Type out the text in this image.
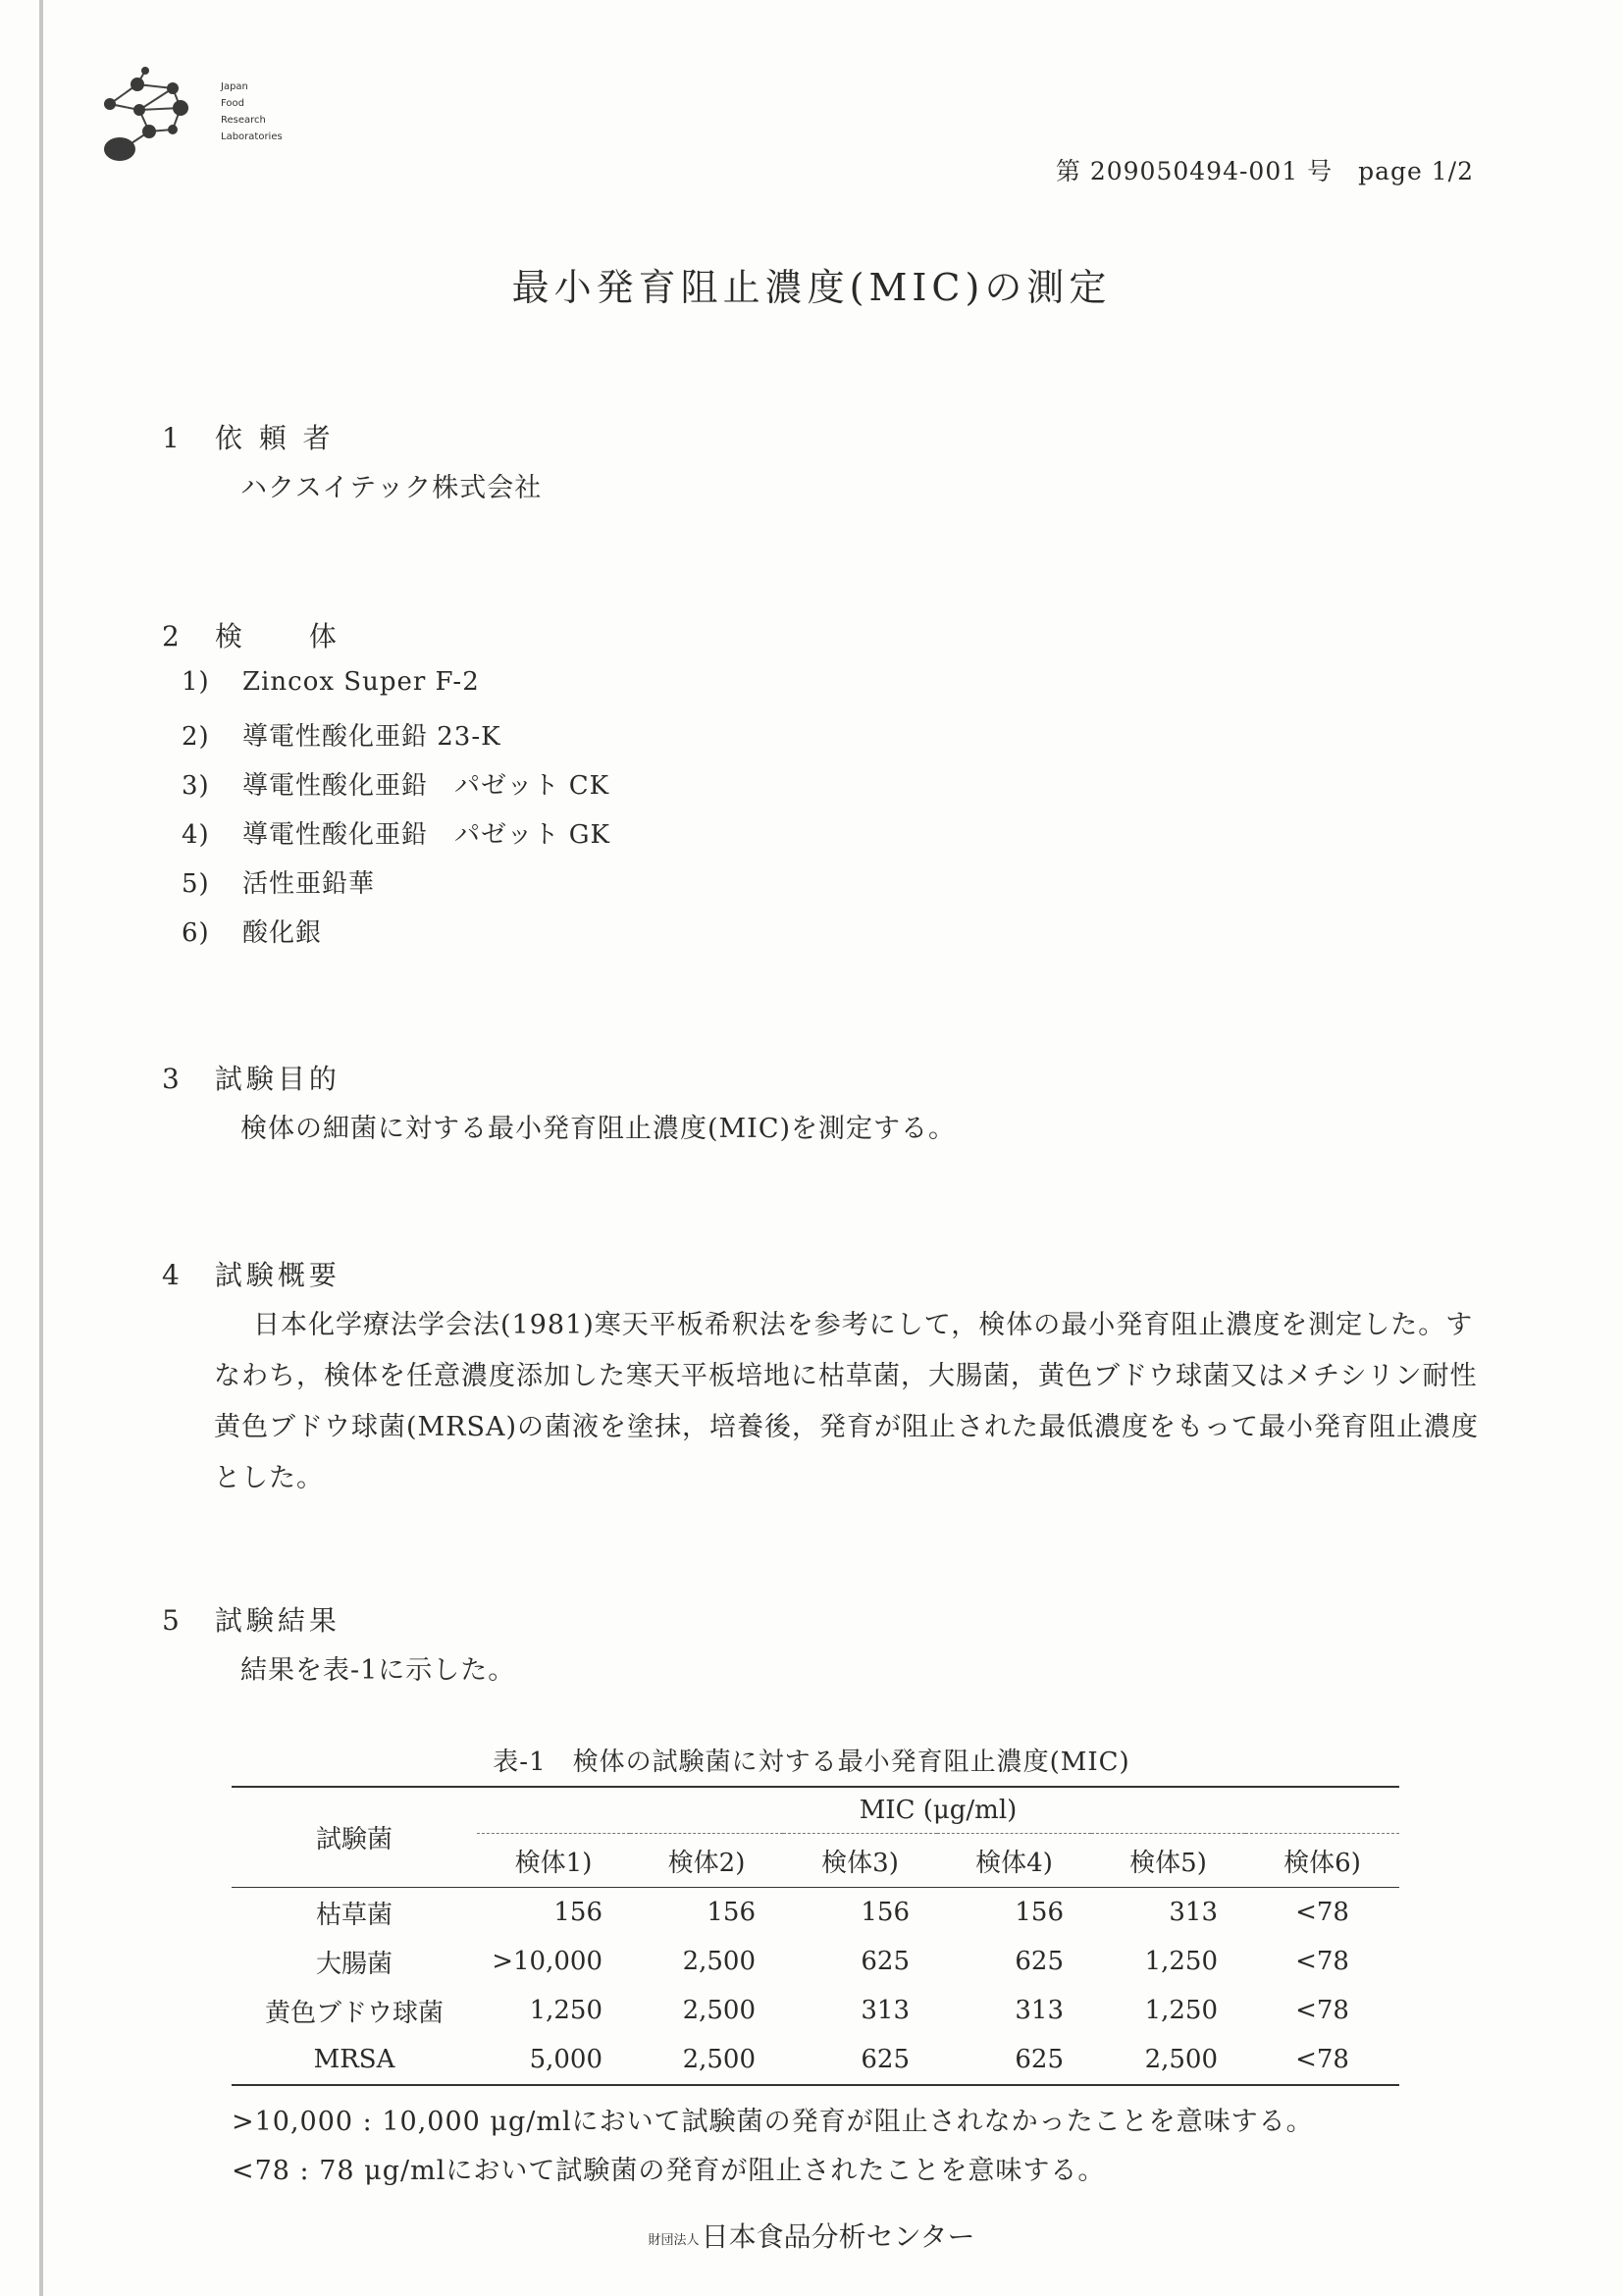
Japan
Food
Research
Laboratories
第 209050494-001 号　page 1/2
最小発育阻止濃度(MIC)の測定
1　依 頼 者
ハクスイテック株式会社
2　検　　体
1) Zincox Super F-2
2) 導電性酸化亜鉛 23-K
3) 導電性酸化亜鉛　パゼット CK
4) 導電性酸化亜鉛　パゼット GK
5) 活性亜鉛華
6) 酸化銀
3　試験目的
検体の細菌に対する最小発育阻止濃度(MIC)を測定する。
4　試験概要
日本化学療法学会法(1981)寒天平板希釈法を参考にして，検体の最小発育阻止濃度を測定した。すなわち，検体を任意濃度添加した寒天平板培地に枯草菌，大腸菌，黄色ブドウ球菌又はメチシリン耐性黄色ブドウ球菌(MRSA)の菌液を塗抹，培養後，発育が阻止された最低濃度をもって最小発育阻止濃度とした。
5　試験結果
結果を表-1に示した。
表-1　検体の試験菌に対する最小発育阻止濃度(MIC)
試験菌	MIC (μg/ml)					
	検体1)	検体2)	検体3)	検体4)	検体5)	検体6)
枯草菌	156	156	156	156	313	<78
大腸菌	>10,000	2,500	625	625	1,250	<78
黄色ブドウ球菌	1,250	2,500	313	313	1,250	<78
MRSA	5,000	2,500	625	625	2,500	<78
>10,000 : 10,000 μg/mlにおいて試験菌の発育が阻止されなかったことを意味する。
<78 : 78 μg/mlにおいて試験菌の発育が阻止されたことを意味する。
財団法人日本食品分析センター
